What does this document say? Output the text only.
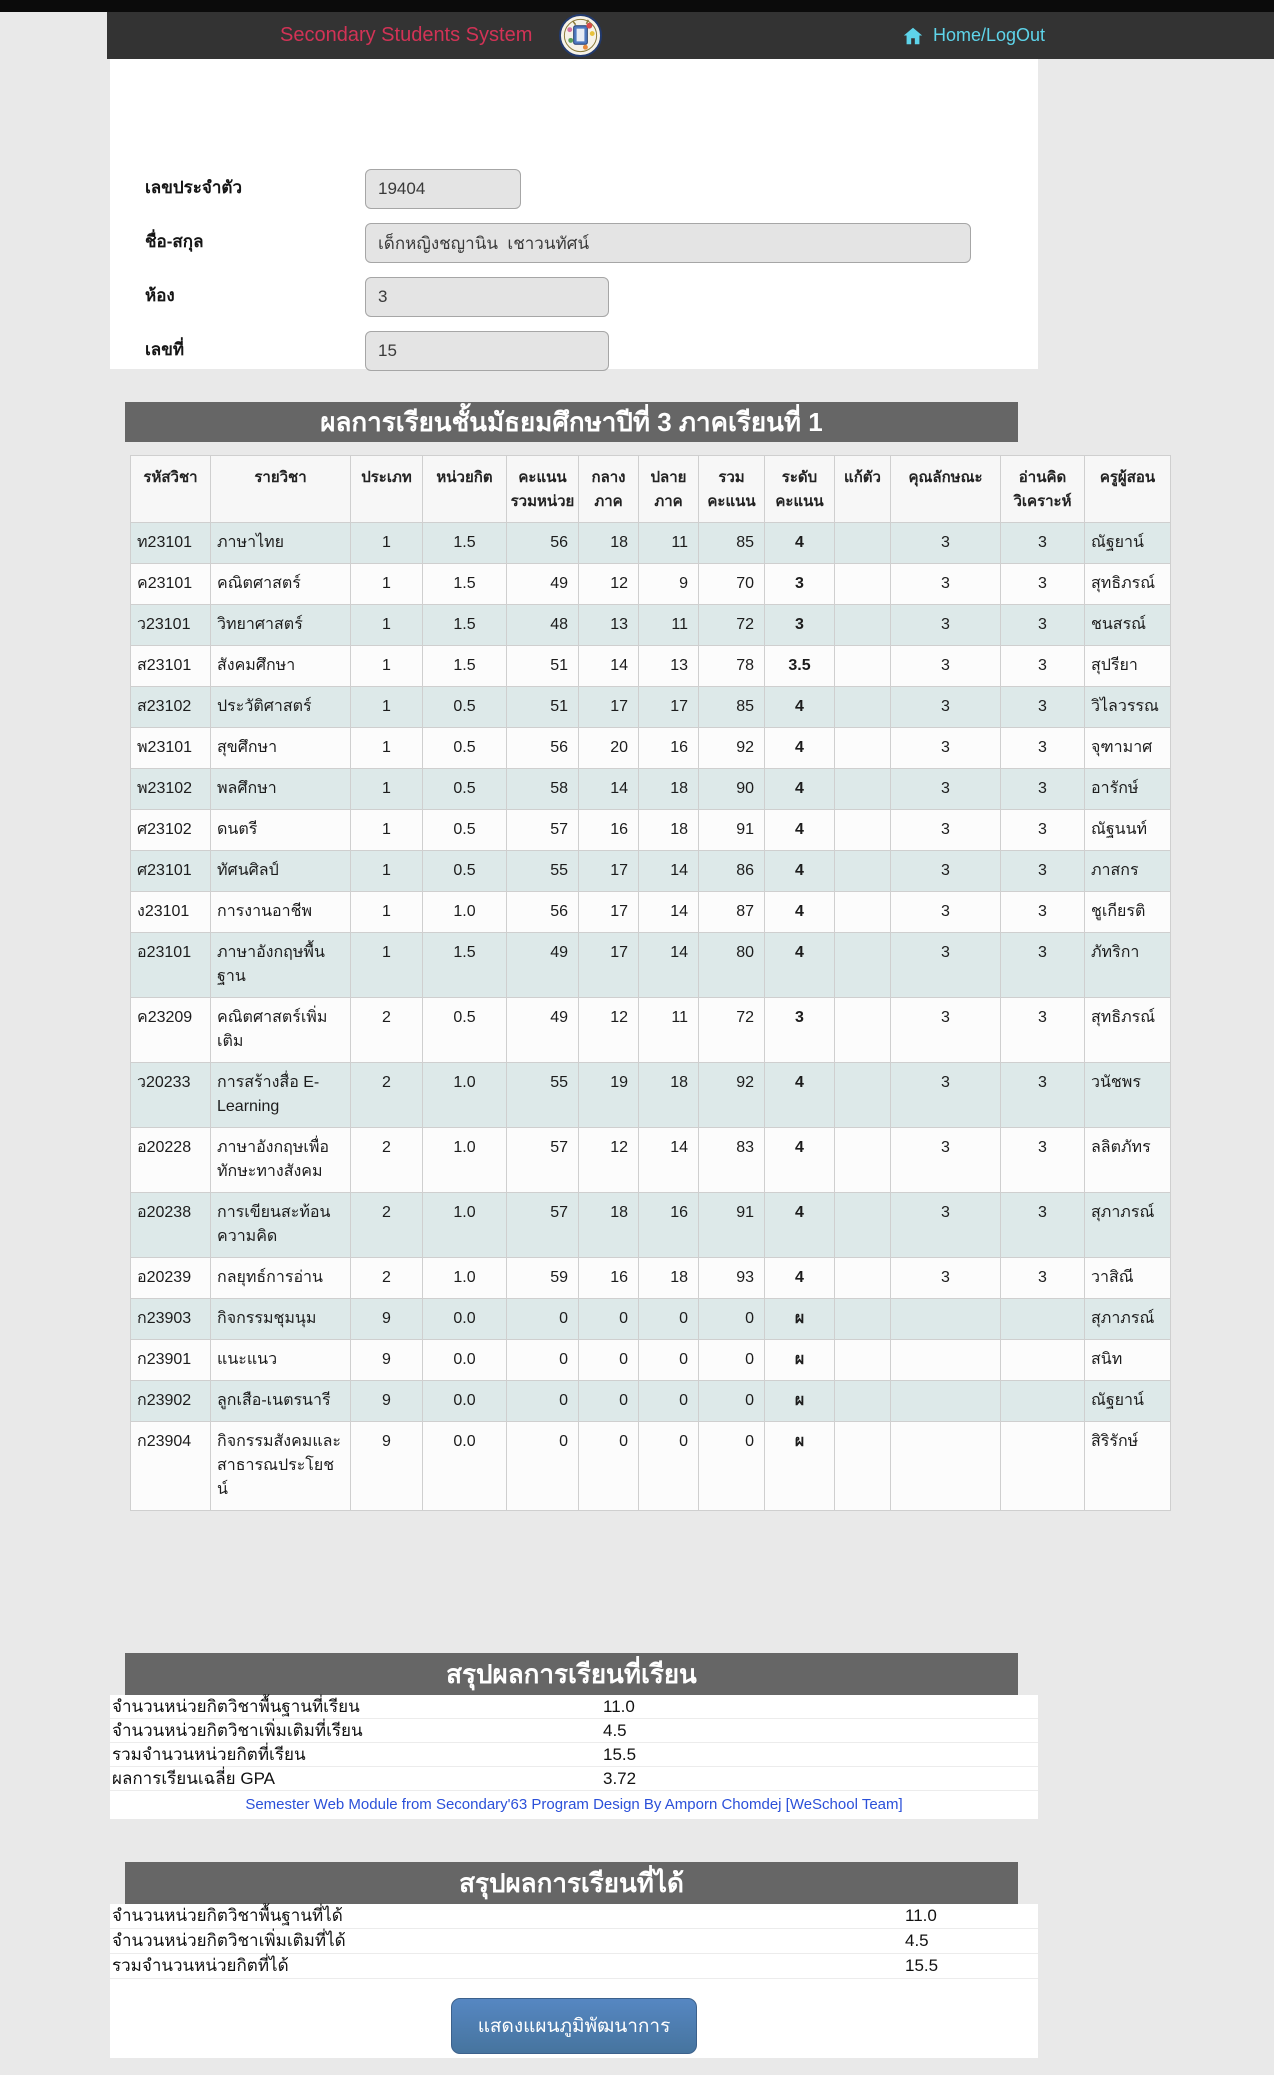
Secondary Students System	Home/LogOut
เลขประจำตัว
19404
ชื่อ-สกุล
เด็กหญิงชญานิน เชาวนทัศน์
ห้อง
3
เลขที่
15
ผลการเรียนชั้นมัธยมศึกษาปีที่ 3 ภาคเรียนที่ 1
รหัสวิชา	รายวิชา	ประเภท	หน่วยกิต	คะแนน​รวม​หน่วย	กลาง​ภาค	ปลาย​ภาค	รวม​คะแนน	ระดับ​คะแนน	แก้ตัว	คุณลักษณะ	อ่านคิด​วิเคราะห์	ครูผู้​สอน
ท23101	ภาษาไทย	1	1.5	56	18	11	85	4		3	3	ณัฐยาน์
ค23101	คณิตศาสตร์	1	1.5	49	12	9	70	3		3	3	สุทธิภ​รณ์
ว23101	วิทยาศาสตร์	1	1.5	48	13	11	72	3		3	3	ชนสรณ์
ส23101	สังคมศึกษา	1	1.5	51	14	13	78	3.5		3	3	สุปรียา
ส23102	ประวัติศาสตร์	1	0.5	51	17	17	85	4		3	3	วิไล​วรรณ
พ23101	สุขศึกษา	1	0.5	56	20	16	92	4		3	3	จุฑามาศ
พ23102	พลศึกษา	1	0.5	58	14	18	90	4		3	3	อารักษ์
ศ23102	ดนตรี	1	0.5	57	16	18	91	4		3	3	ณัฐนนท์
ศ23101	ทัศนศิลป์	1	0.5	55	17	14	86	4		3	3	ภาสกร
ง23101	การงานอาชีพ	1	1.0	56	17	14	87	4		3	3	ชูเกียรติ
อ23101	ภาษาอังกฤษพื้น​ฐาน	1	1.5	49	17	14	80	4		3	3	ภัทริกา
ค23209	คณิตศาสตร์เพิ่ม​เติม	2	0.5	49	12	11	72	3		3	3	สุทธิภ​รณ์
ว20233	การสร้างสื่อ E-Learning	2	1.0	55	19	18	92	4		3	3	วนัชพร
อ20228	ภาษาอังกฤษเพื่อ​ทักษะทางสังคม	2	1.0	57	12	14	83	4		3	3	ลลิต​ภัทร
อ20238	การเขียนสะท้อน​ความคิด	2	1.0	57	18	16	91	4		3	3	สุภาภ​รณ์
อ20239	กลยุทธ์การอ่าน	2	1.0	59	16	18	93	4		3	3	วาสิณี
ก23903	กิจกรรมชุมนุม	9	0.0	0	0	0	0	ผ				สุภาภ​รณ์
ก23901	แนะแนว	9	0.0	0	0	0	0	ผ				สนิท
ก23902	ลูกเสือ-เนตรนารี	9	0.0	0	0	0	0	ผ				ณัฐยาน์
ก23904	กิจกรรมสังคมและ​สาธารณประโยชน์	9	0.0	0	0	0	0	ผ				สิริรักษ์
สรุปผลการเรียนที่เรียน
จำนวนหน่วยกิตวิชาพื้นฐานที่เรียน	11.0
จำนวนหน่วยกิตวิชาเพิ่มเติมที่เรียน	4.5
รวมจำนวนหน่วยกิตที่เรียน	15.5
ผลการเรียนเฉลี่ย GPA	3.72
Semester Web Module from Secondary'63 Program Design By Amporn Chomdej [WeSchool Team]
สรุปผลการเรียนที่ได้
จำนวนหน่วยกิตวิชาพื้นฐานที่ได้	11.0
จำนวนหน่วยกิตวิชาเพิ่มเติมที่ได้	4.5
รวมจำนวนหน่วยกิตที่ได้	15.5
แสดงแผนภูมิพัฒนาการ
